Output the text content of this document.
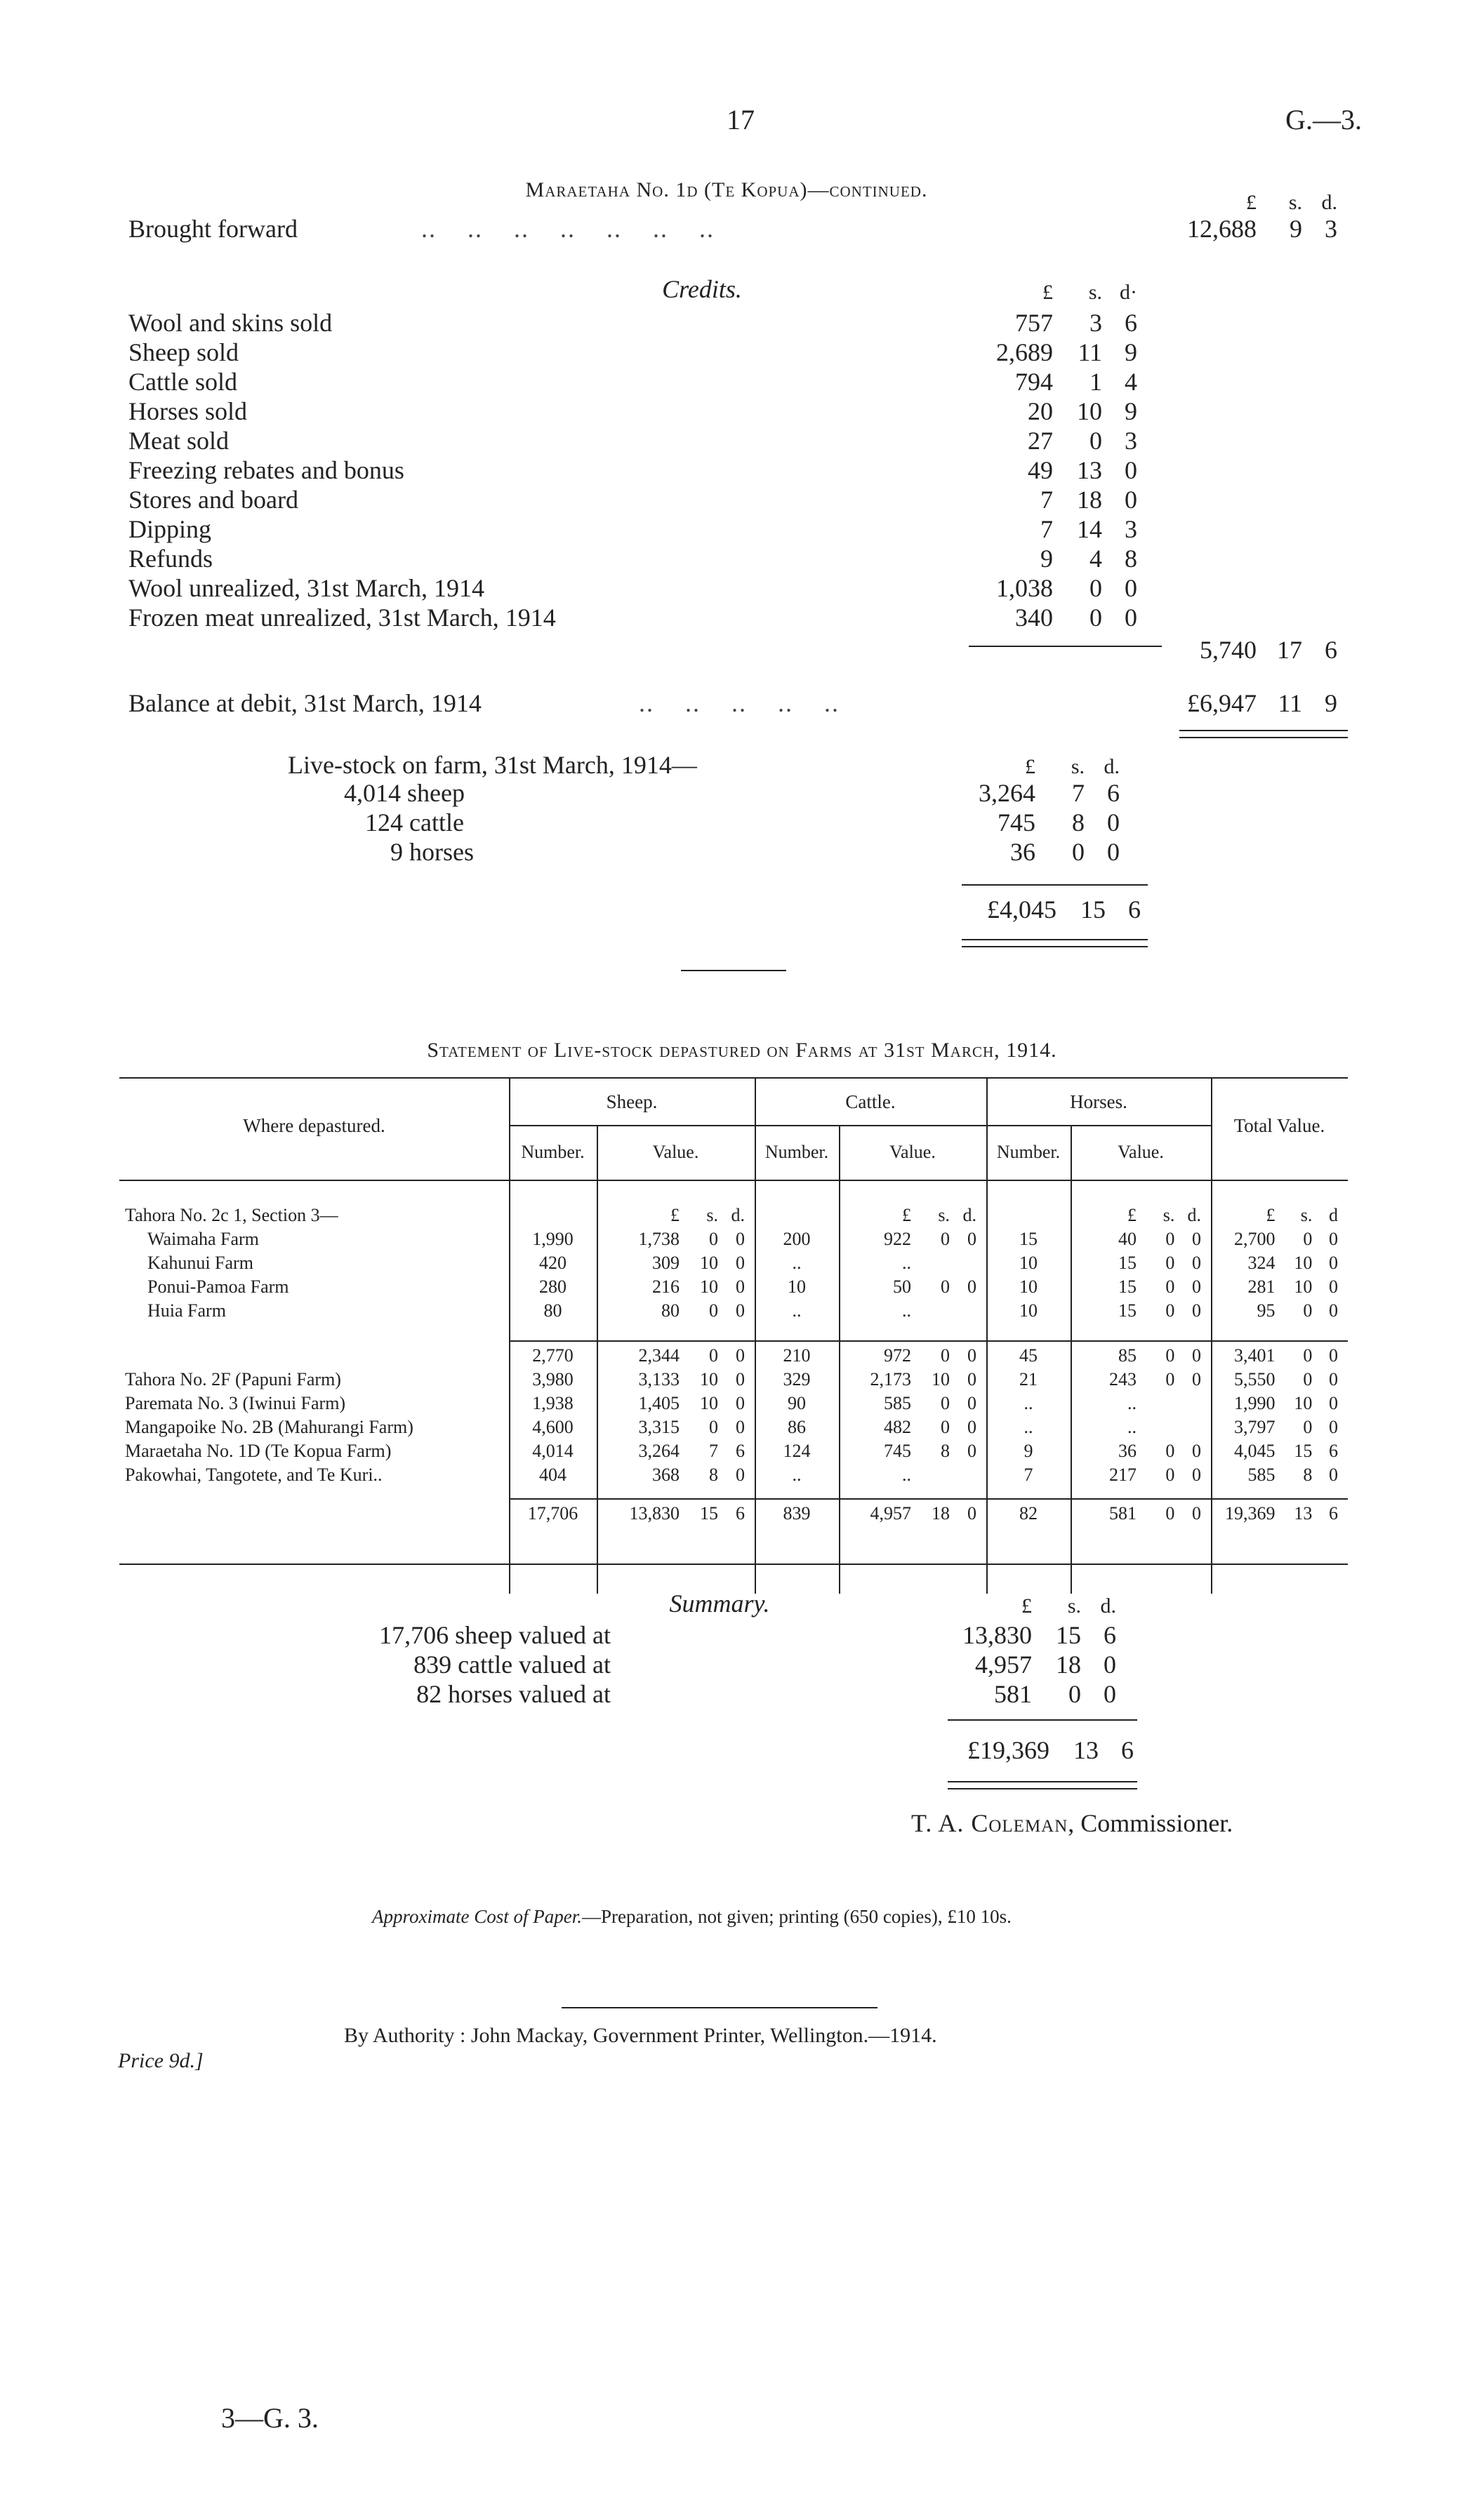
17	G.—3.
Maraetaha No. 1d (Te Kopua)—continued.
Brought forward	..    ..    ..    ..    ..    ..    ..
£	s. d.
12,688	9 3
Credits.	£	s. d·
Wool and skins sold	757	3 6
Sheep sold	2,689 11 9
Cattle sold	794	1 4
Horses sold	20 10 9
Meat sold	27	0 3
Freezing rebates and bonus	49 13 0
Stores and board	7 18 0
Dipping	7 14 3
Refunds	9	4 8
Wool unrealized, 31st March, 1914	1,038	0 0
Frozen meat unrealized, 31st March, 1914	340	0 0
5,740 17 6
Balance at debit, 31st March, 1914	..    ..    ..    ..    ..	£6,947 11 9
Live-stock on farm, 31st March, 1914—	£	s. d.
4,014 sheep	3,264	7 6
124 cattle	745	8 0
9 horses	36	0 0
£4,045 15 6
Statement of Live-stock depastured on Farms at 31st March, 1914.
Where depastured.
Sheep.	Cattle.	Horses.
Total Value.
Number.	Value.	Number.	Value.	Number.	Value.
Tahora No. 2c 1, Section 3—	£	s. d.	£	s. d.	£	s. d.	£	s. d
Waimaha Farm	1,990	1,738	0 0	200	922	0 0	15	40	0 0	2,700	0 0
Kahunui Farm	420	309	10 0	..	..	10	15	0 0	324	10 0
Ponui-Pamoa Farm	280	216	10 0	10	50	0 0	10	15	0 0	281	10 0
Huia Farm	80	80	0 0	..	..	10	15	0 0	95	0 0
2,770	2,344	0 0	210	972	0 0	45	85	0 0	3,401	0 0
Tahora No. 2F (Papuni Farm)	3,980	3,133	10 0	329	2,173	10 0	21	243	0 0	5,550	0 0
Paremata No. 3 (Iwinui Farm)	1,938	1,405	10 0	90	585	0 0	..	..	1,990	10 0
Mangapoike No. 2B (Mahurangi Farm)	4,600	3,315	0 0	86	482	0 0	..	..	3,797	0 0
Maraetaha No. 1D (Te Kopua Farm)	4,014	3,264	7 6	124	745	8 0	9	36	0 0	4,045	15 6
Pakowhai, Tangotete, and Te Kuri..	404	368	8 0	..	..	7	217	0 0	585	8 0
17,706	13,830	15 6	839	4,957	18 0	82	581	0 0	19,369	13 6
Summary.	£	s. d.
17,706 sheep valued at	13,830 15 6
839 cattle valued at	4,957 18 0
82 horses valued at	581	0 0
£19,369 13 6
T. A. Coleman, Commissioner.
Approximate Cost of Paper.—Preparation, not given; printing (650 copies), £10 10s.
By Authority : John Mackay, Government Printer, Wellington.—1914.
Price 9d.]
3—G. 3.
